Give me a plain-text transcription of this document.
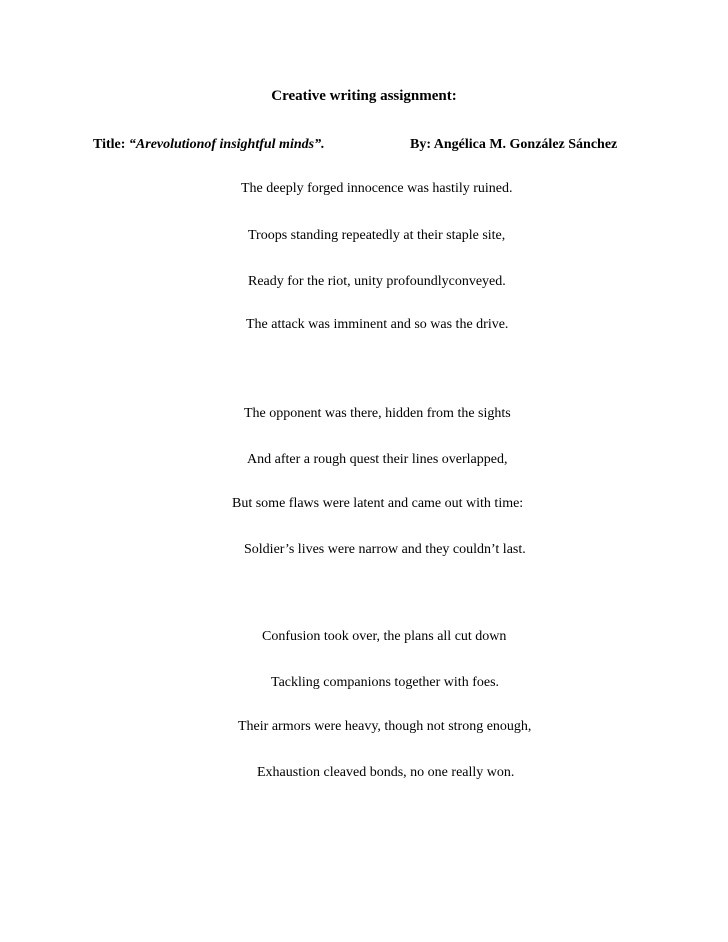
Creative writing assignment:
Title: “Arevolutionof insightful minds”.	By: Angélica M. González Sánchez
The deeply forged innocence was hastily ruined.
Troops standing repeatedly at their staple site,
Ready for the riot, unity profoundlyconveyed.
The attack was imminent and so was the drive.
The opponent was there, hidden from the sights
And after a rough quest their lines overlapped,
But some flaws were latent and came out with time:
Soldier’s lives were narrow and they couldn’t last.
Confusion took over, the plans all cut down
Tackling companions together with foes.
Their armors were heavy, though not strong enough,
Exhaustion cleaved bonds, no one really won.
